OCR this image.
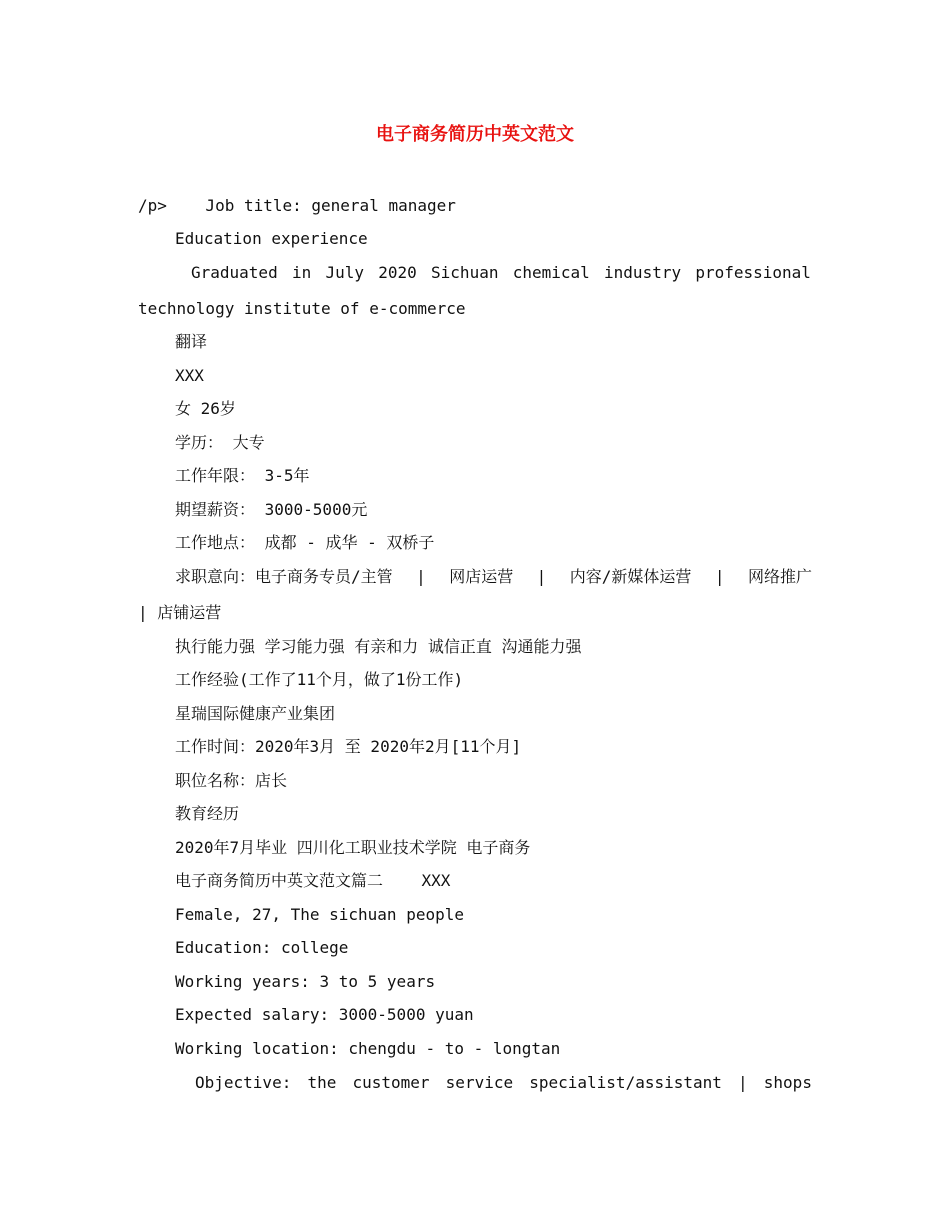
电子商务简历中英文范文
/p>    Job title: general manager
Education experience
Graduated in July 2020 Sichuan chemical industry professional
technology institute of e-commerce
翻译
XXX
女 26岁
学历： 大专
工作年限： 3-5年
期望薪资： 3000-5000元
工作地点： 成都 - 成华 - 双桥子
求职意向：电子商务专员/主管 | 网店运营 | 内容/新媒体运营 | 网络推广
| 店铺运营
执行能力强 学习能力强 有亲和力 诚信正直 沟通能力强
工作经验(工作了11个月，做了1份工作)
星瑞国际健康产业集团
工作时间：2020年3月 至 2020年2月[11个月]
职位名称：店长
教育经历
2020年7月毕业 四川化工职业技术学院 电子商务
电子商务简历中英文范文篇二    XXX
Female, 27, The sichuan people
Education: college
Working years: 3 to 5 years
Expected salary: 3000-5000 yuan
Working location: chengdu - to - longtan
Objective: the customer service specialist/assistant | shops
